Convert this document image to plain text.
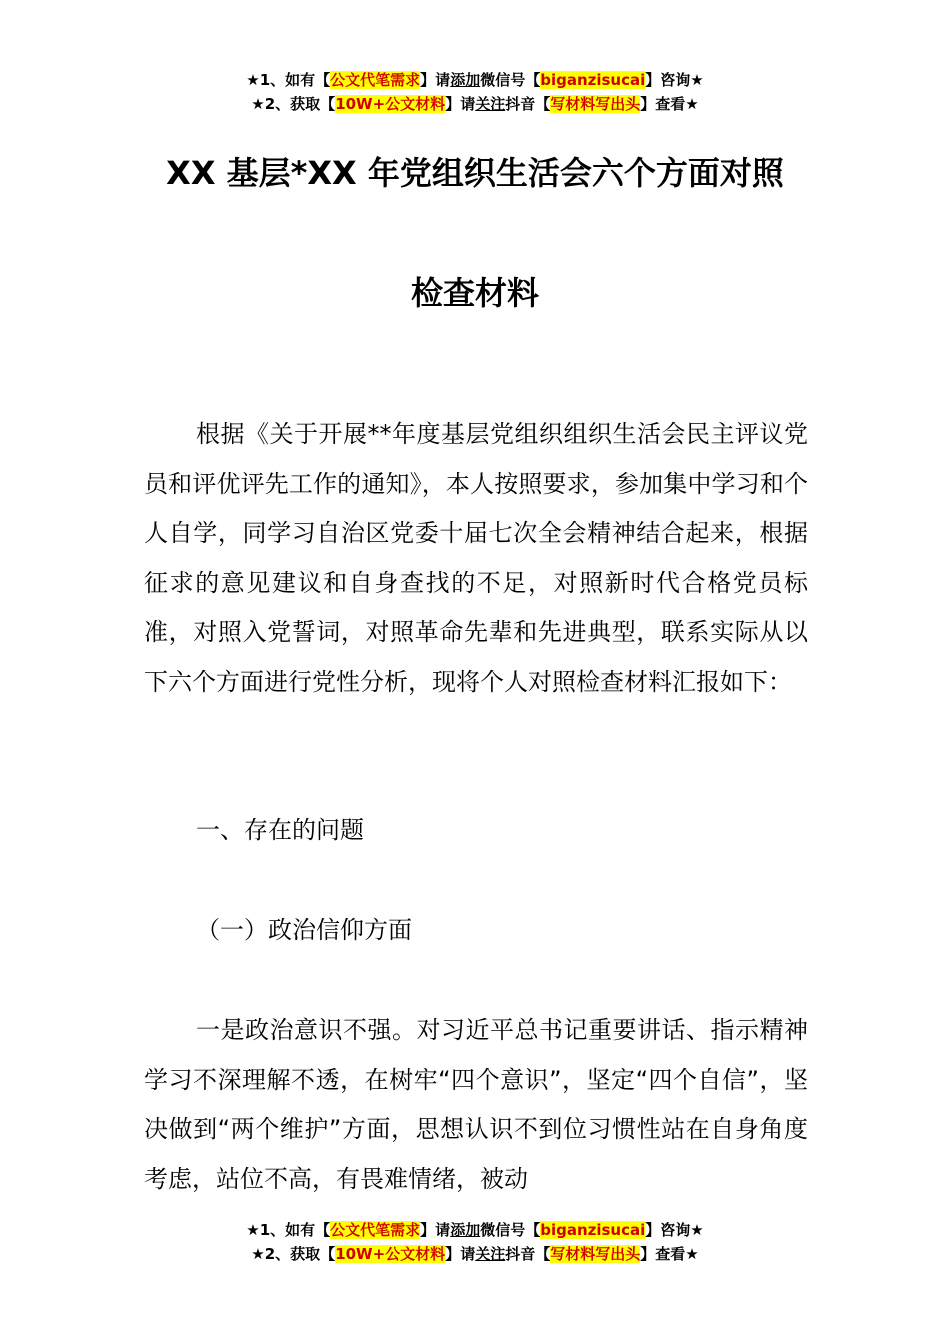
★1、如有【公文代笔需求】请添加微信号【biganzisucai】咨询★
★2、获取【10W+公文材料】请关注抖音【写材料写出头】查看★
XX 基层*XX 年党组织生活会六个方面对照
检查材料

根据《关于开展**年度基层党组织组织生活会民主评议党员和评优评先工作的通知》，本人按照要求，参加集中学习和个人自学，同学习自治区党委十届七次全会精神结合起来，根据征求的意见建议和自身查找的不足，对照新时代合格党员标准，对照入党誓词，对照革命先辈和先进典型，联系实际从以下六个方面进行党性分析，现将个人对照检查材料汇报如下：

一、存在的问题

（一）政治信仰方面

一是政治意识不强。对习近平总书记重要讲话、指示精神学习不深理解不透，在树牢“四个意识”，坚定“四个自信”，坚决做到“两个维护”方面，思想认识不到位习惯性站在自身角度考虑，站位不高，有畏难情绪，被动

★1、如有【公文代笔需求】请添加微信号【biganzisucai】咨询★
★2、获取【10W+公文材料】请关注抖音【写材料写出头】查看★
